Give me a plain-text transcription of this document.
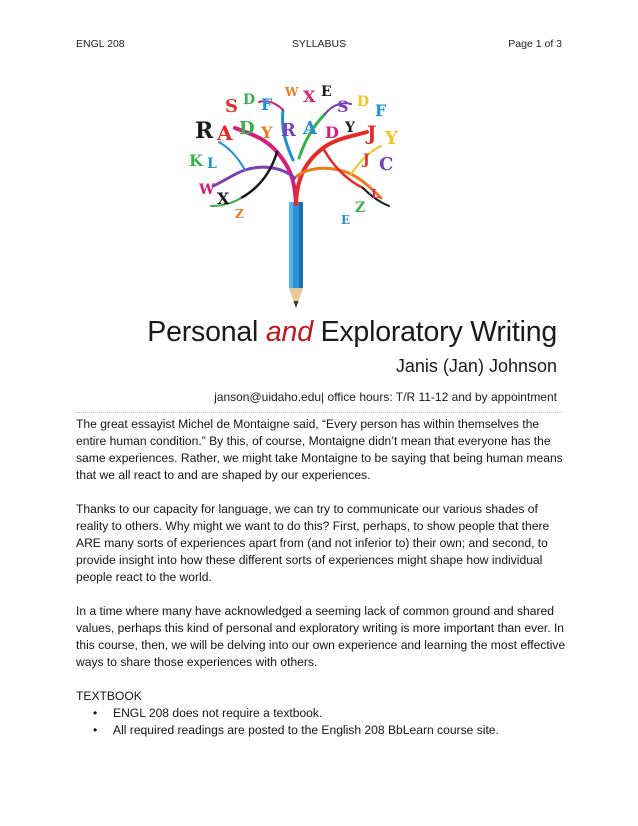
ENGL 208	SYLLABUS	Page 1 of 3
S D F
W X E
S D F
R A D Y R A D Y J Y
K L	C
J
W X
Z	Z
E
L
Personal and Exploratory Writing
Janis (Jan) Johnson
janson@uidaho.edu| office hours: T/R 11-12 and by appointment

The great essayist Michel de Montaigne said, “Every person has within themselves the entire human condition.” By this, of course, Montaigne didn’t mean that everyone has the same experiences. Rather, we might take Montaigne to be saying that being human means that we all react to and are shaped by our experiences.

Thanks to our capacity for language, we can try to communicate our various shades of reality to others. Why might we want to do this? First, perhaps, to show people that there ARE many sorts of experiences apart from (and not inferior to) their own; and second, to provide insight into how these different sorts of experiences might shape how individual people react to the world.

In a time where many have acknowledged a seeming lack of common ground and shared values, perhaps this kind of personal and exploratory writing is more important than ever. In this course, then, we will be delving into our own experience and learning the most effective ways to share those experiences with others.

TEXTBOOK
• ENGL 208 does not require a textbook.
• All required readings are posted to the English 208 BbLearn course site.
